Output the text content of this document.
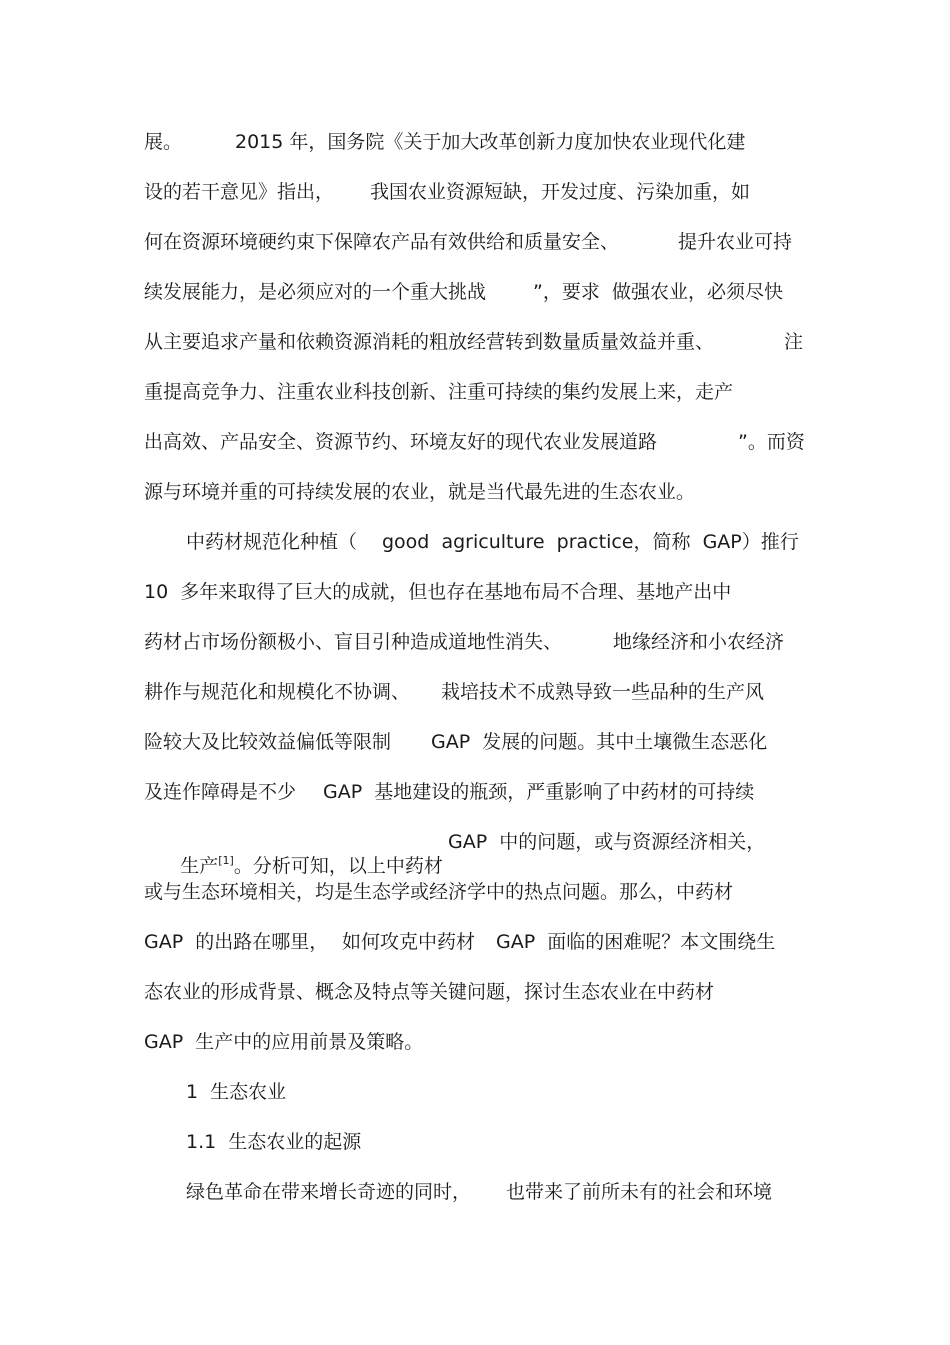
展。

	2015 年，国务院《关于加大改革创新力度加快农业现代化建

设的若干意见》指出，

我国农业资源短缺，开发过度、污染加重，如

何在资源环境硬约束下保障农产品有效供给和质量安全、

	提升农业可持

续发展能力，是必须应对的一个重大挑战

”，要求

做强农业，必须尽快

从主要追求产量和依赖资源消耗的粗放经营转到数量质量效益并重、

	注

重提高竞争力、注重农业科技创新、注重可持续的集约发展上来，走产

出高效、产品安全、资源节约、环境友好的现代农业发展道路

	”。而资

源与环境并重的可持续发展的农业，就是当代最先进的生态农业。

中药材规范化种植（

good  agriculture  practice，简称  GAP）推行

10  多年来取得了巨大的成就，但也存在基地布局不合理、基地产出中

药材占市场份额极小、盲目引种造成道地性消失、

	地缘经济和小农经济

耕作与规范化和规模化不协调、

栽培技术不成熟导致一些品种的生产风

险较大及比较效益偏低等限制

GAP  发展的问题。其中土壤微生态恶化

及连作障碍是不少

GAP  基地建设的瓶颈，严重影响了中药材的可持续

生产[1]。分析可知，以上中药材

GAP  中的问题，或与资源经济相关，

或与生态环境相关，均是生态学或经济学中的热点问题。那么，中药材

GAP  的出路在哪里，

如何攻克中药材

GAP  面临的困难呢？本文围绕生

态农业的形成背景、概念及特点等关键问题，探讨生态农业在中药材

GAP  生产中的应用前景及策略。

1  生态农业

1.1  生态农业的起源

绿色革命在带来增长奇迹的同时，

也带来了前所未有的社会和环境
